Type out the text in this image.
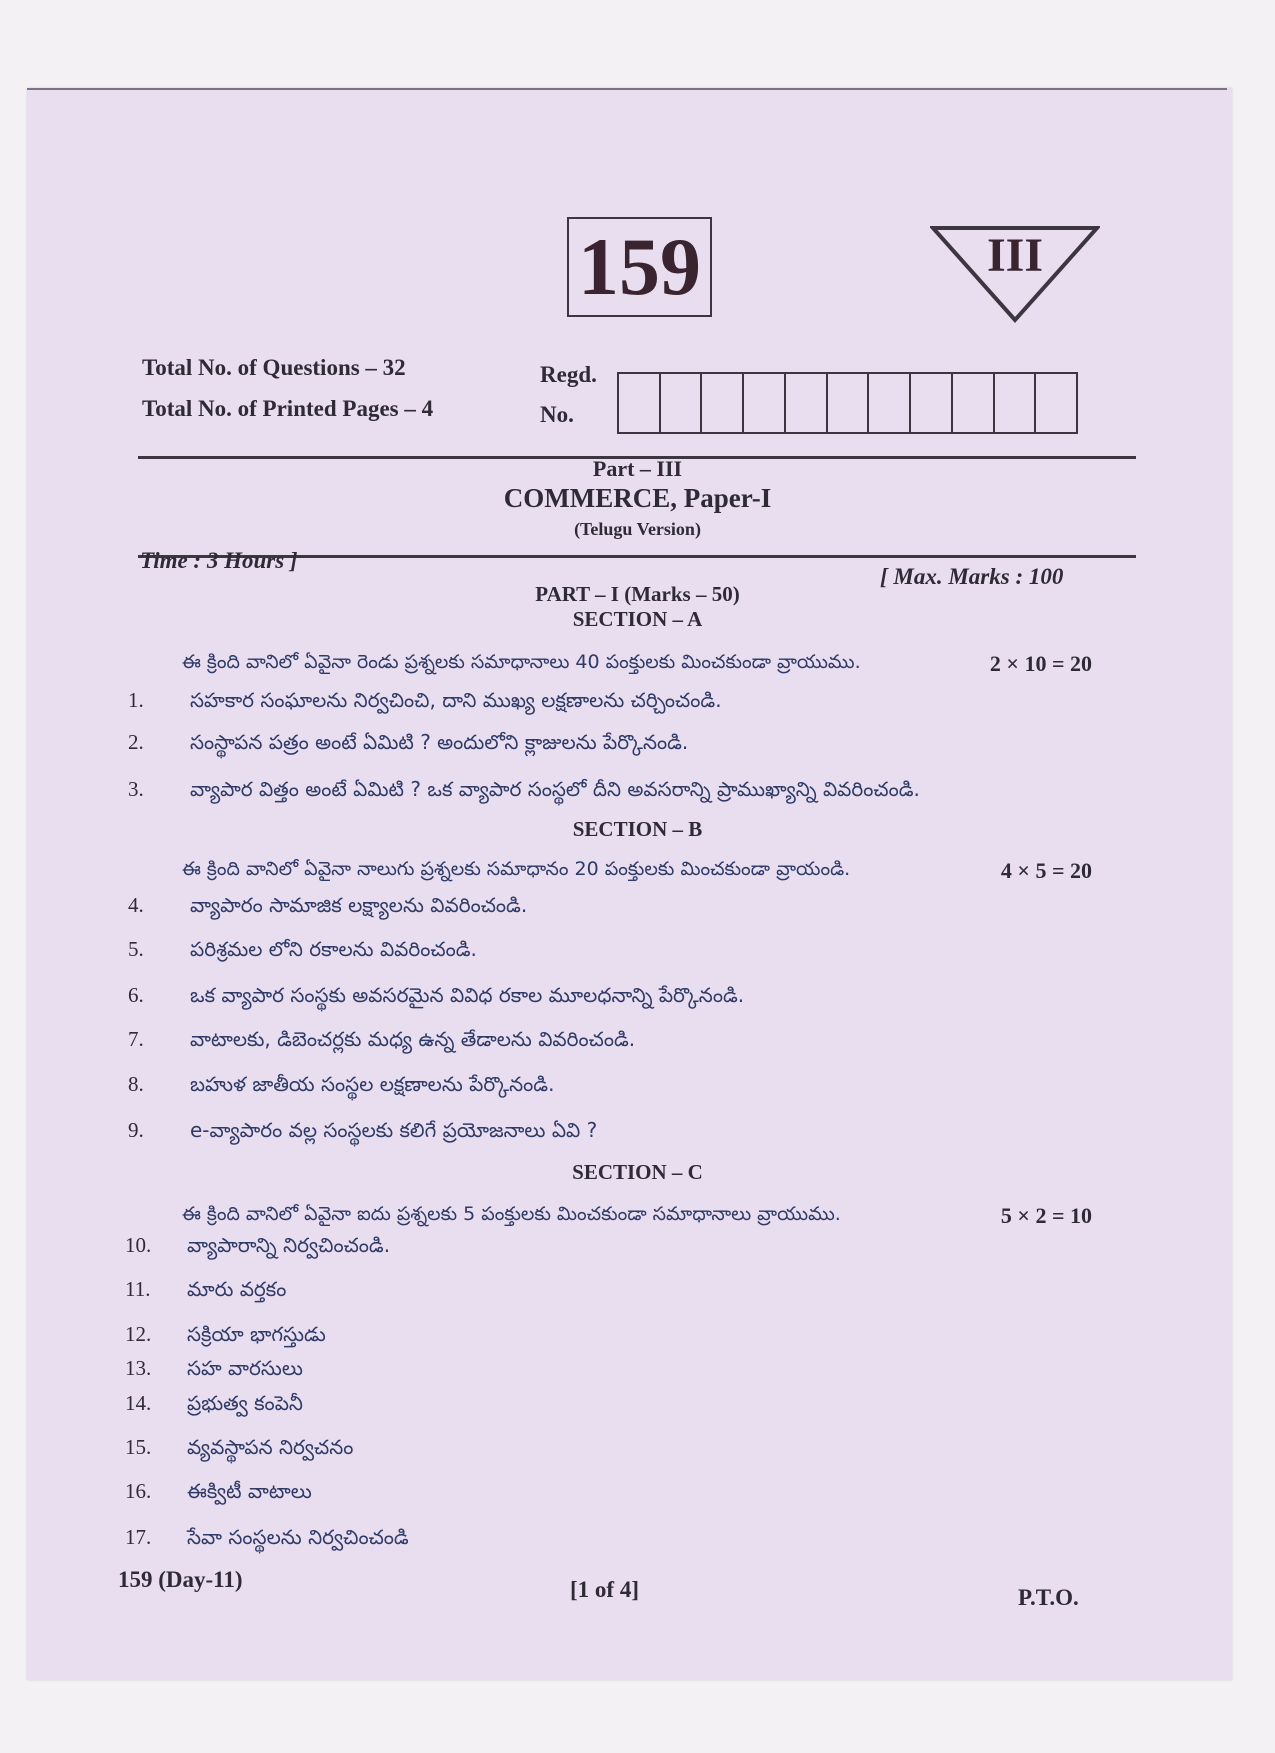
159	III
Total No. of Questions – 32
Total No. of Printed Pages – 4
Regd.
No.
Part – III
COMMERCE, Paper-I
(Telugu Version)
Time : 3 Hours ]
[ Max. Marks : 100
PART – I (Marks – 50)
SECTION – A
ఈ క్రింది వానిలో ఏవైనా రెండు ప్రశ్నలకు సమాధానాలు 40 పంక్తులకు మించకుండా వ్రాయుము.	2 × 10 = 20
1. సహకార సంఘాలను నిర్వచించి, దాని ముఖ్య లక్షణాలను చర్చించండి.
2. సంస్థాపన పత్రం అంటే ఏమిటి ? అందులోని క్లాజులను పేర్కొనండి.
3. వ్యాపార విత్తం అంటే ఏమిటి ? ఒక వ్యాపార సంస్థలో దీని అవసరాన్ని ప్రాముఖ్యాన్ని వివరించండి.
SECTION – B
ఈ క్రింది వానిలో ఏవైనా నాలుగు ప్రశ్నలకు సమాధానం 20 పంక్తులకు మించకుండా వ్రాయండి.	4 × 5 = 20
4. వ్యాపారం సామాజిక లక్ష్యాలను వివరించండి.
5. పరిశ్రమల లోని రకాలను వివరించండి.
6. ఒక వ్యాపార సంస్థకు అవసరమైన వివిధ రకాల మూలధనాన్ని పేర్కొనండి.
7. వాటాలకు, డిబెంచర్లకు మధ్య ఉన్న తేడాలను వివరించండి.
8. బహుళ జాతీయ సంస్థల లక్షణాలను పేర్కొనండి.
9. e-వ్యాపారం వల్ల సంస్థలకు కలిగే ప్రయోజనాలు ఏవి ?
SECTION – C
ఈ క్రింది వానిలో ఏవైనా ఐదు ప్రశ్నలకు 5 పంక్తులకు మించకుండా సమాధానాలు వ్రాయుము.	5 × 2 = 10
10. వ్యాపారాన్ని నిర్వచించండి.
11. మారు వర్తకం
12. సక్రియా భాగస్తుడు
13. సహ వారసులు
14. ప్రభుత్వ కంపెనీ
15. వ్యవస్థాపన నిర్వచనం
16. ఈక్విటీ వాటాలు
17. సేవా సంస్థలను నిర్వచించండి
159 (Day-11)	[1 of 4]	P.T.O.
